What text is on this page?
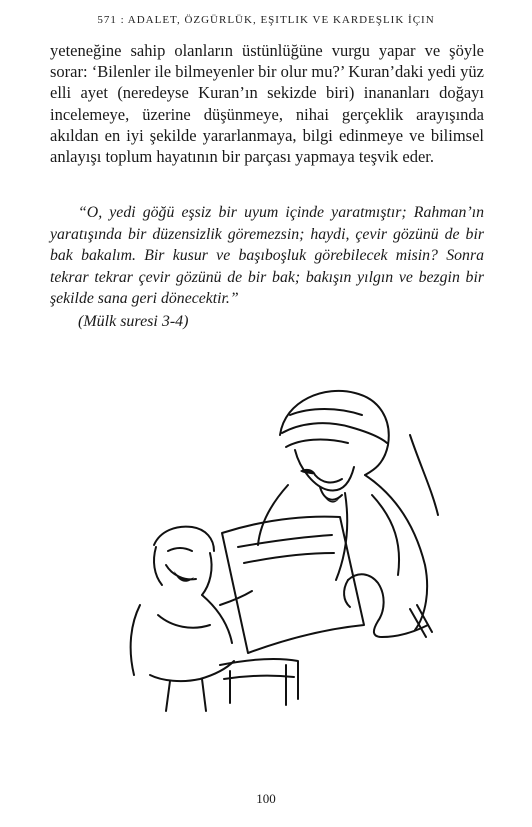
571 : ADALET, ÖZGÜRLÜK, EŞITLIK VE KARDEŞLIK İÇIN

yeteneğine sahip olanların üstünlüğüne vurgu yapar ve şöyle sorar: ‘Bilenler ile bilmeyenler bir olur mu?’ Kuran’daki yedi yüz elli ayet (neredeyse Kuran’ın sekizde biri) inananları doğayı incelemeye, üzerine düşünmeye, nihai gerçeklik arayışında akıldan en iyi şekilde yararlanmaya, bilgi edinmeye ve bilimsel anlayışı toplum hayatının bir parçası yapmaya teşvik eder.

“O, yedi göğü eşsiz bir uyum içinde yaratmıştır; Rahman’ın yaratışında bir düzensizlik göremezsin; haydi, çevir gözünü de bir bak bakalım. Bir kusur ve başıboşluk görebilecek misin? Sonra tekrar tekrar çevir gözünü de bir bak; bakışın yılgın ve bezgin bir şekilde sana geri dönecektir.”

(Mülk suresi 3-4)
100
